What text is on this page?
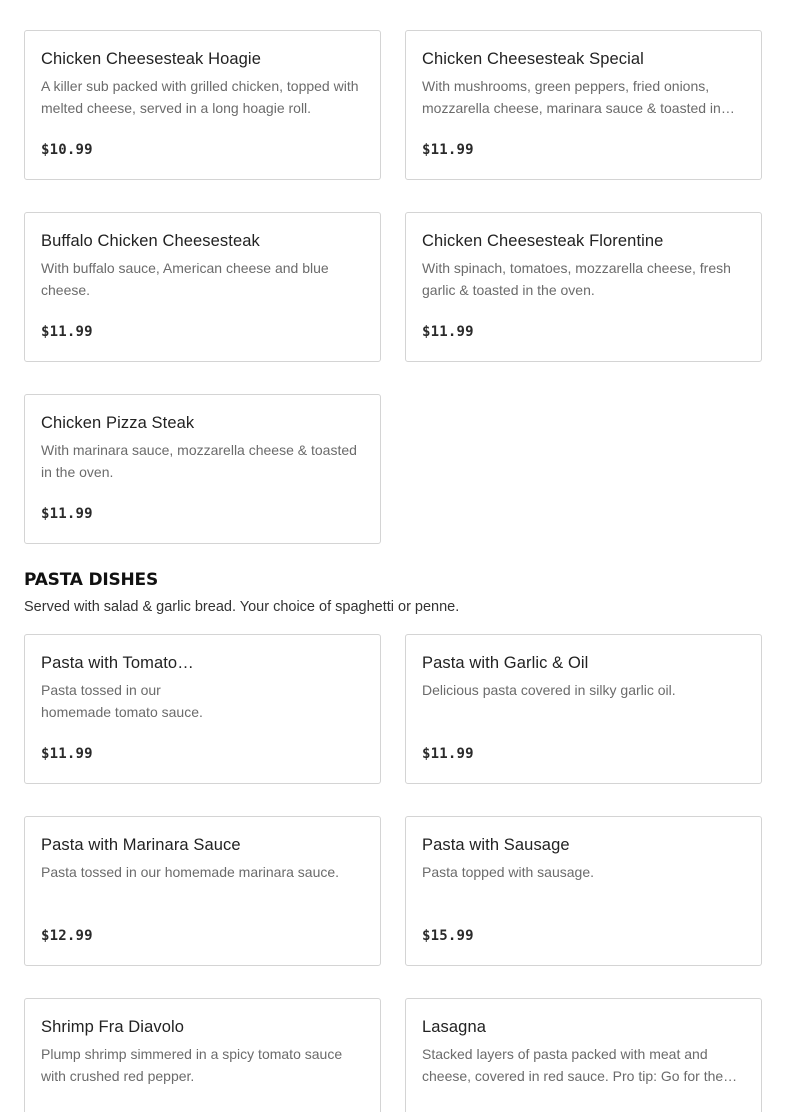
Chicken Cheesesteak Hoagie
A killer sub packed with grilled chicken, topped with melted cheese, served in a long hoagie roll.
$10.99
Chicken Cheesesteak Special
With mushrooms, green peppers, fried onions, mozzarella cheese, marinara sauce & toasted in…
$11.99
Buffalo Chicken Cheesesteak
With buffalo sauce, American cheese and blue cheese.
$11.99
Chicken Cheesesteak Florentine
With spinach, tomatoes, mozzarella cheese, fresh garlic & toasted in the oven.
$11.99
Chicken Pizza Steak
With marinara sauce, mozzarella cheese & toasted in the oven.
$11.99
PASTA DISHES
Served with salad & garlic bread. Your choice of spaghetti or penne.
Pasta with Tomato…
Pasta tossed in our homemade tomato sauce.
$11.99
Pasta with Garlic & Oil
Delicious pasta covered in silky garlic oil.
$11.99
Pasta with Marinara Sauce
Pasta tossed in our homemade marinara sauce.
$12.99
Pasta with Sausage
Pasta topped with sausage.
$15.99
Shrimp Fra Diavolo
Plump shrimp simmered in a spicy tomato sauce with crushed red pepper.
Lasagna
Stacked layers of pasta packed with meat and cheese, covered in red sauce. Pro tip: Go for the…
